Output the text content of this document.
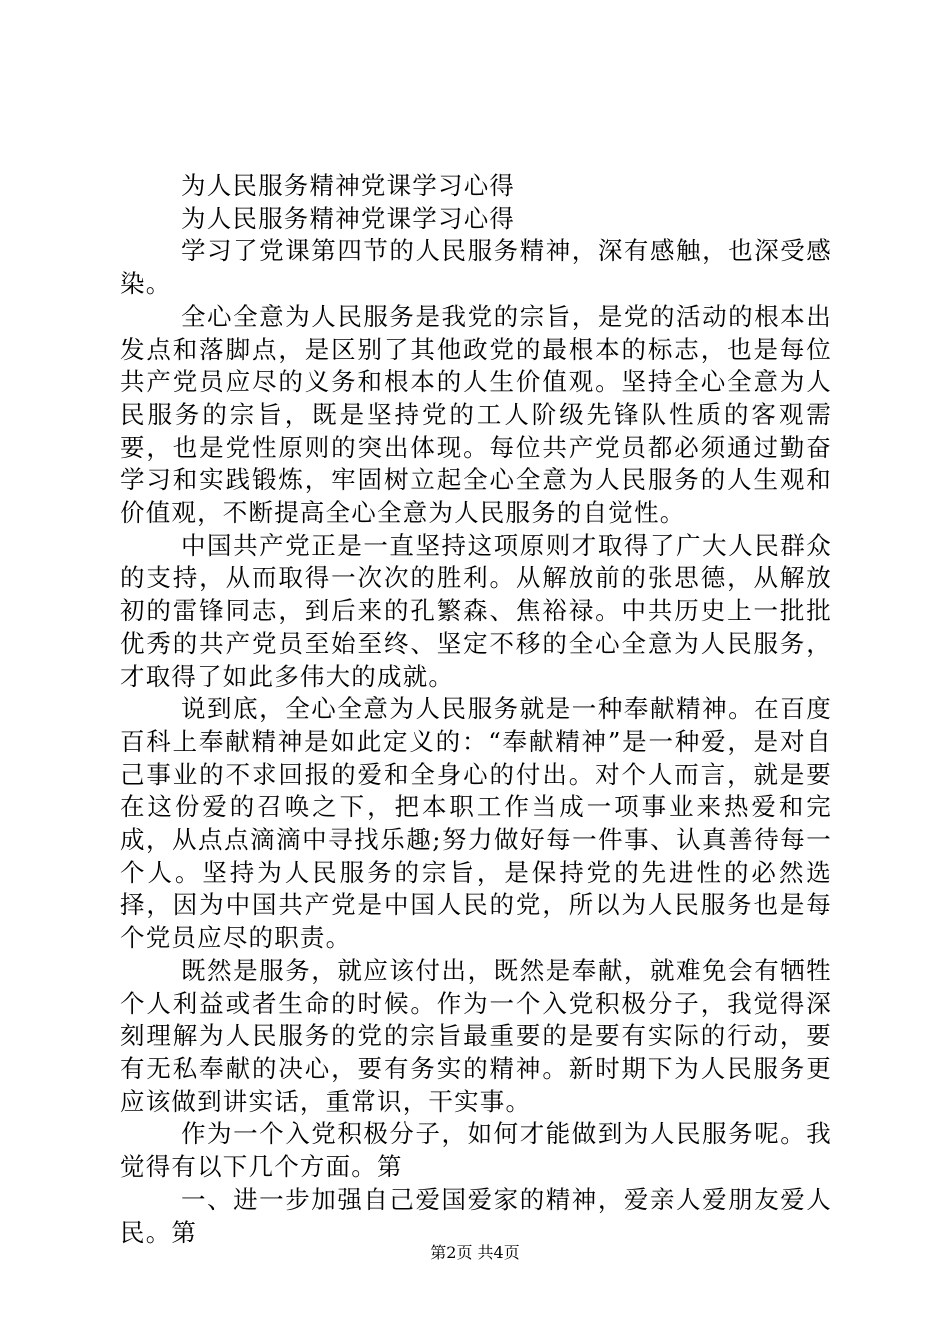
为人民服务精神党课学习心得
为人民服务精神党课学习心得

学习了党课第四节的人民服务精神，深有感触，也深受感染。

全心全意为人民服务是我党的宗旨，是党的活动的根本出发点和落脚点，是区别了其他政党的最根本的标志，也是每位共产党员应尽的义务和根本的人生价值观。坚持全心全意为人民服务的宗旨，既是坚持党的工人阶级先锋队性质的客观需要，也是党性原则的突出体现。每位共产党员都必须通过勤奋学习和实践锻炼，牢固树立起全心全意为人民服务的人生观和价值观，不断提高全心全意为人民服务的自觉性。

中国共产党正是一直坚持这项原则才取得了广大人民群众的支持，从而取得一次次的胜利。从解放前的张思德，从解放初的雷锋同志，到后来的孔繁森、焦裕禄。中共历史上一批批优秀的共产党员至始至终、坚定不移的全心全意为人民服务，才取得了如此多伟大的成就。

说到底，全心全意为人民服务就是一种奉献精神。在百度百科上奉献精神是如此定义的：“奉献精神”是一种爱，是对自己事业的不求回报的爱和全身心的付出。对个人而言，就是要在这份爱的召唤之下，把本职工作当成一项事业来热爱和完成，从点点滴滴中寻找乐趣;努力做好每一件事、认真善待每一个人。坚持为人民服务的宗旨，是保持党的先进性的必然选择，因为中国共产党是中国人民的党，所以为人民服务也是每个党员应尽的职责。

既然是服务，就应该付出，既然是奉献，就难免会有牺牲个人利益或者生命的时候。作为一个入党积极分子，我觉得深刻理解为人民服务的党的宗旨最重要的是要有实际的行动，要有无私奉献的决心，要有务实的精神。新时期下为人民服务更应该做到讲实话，重常识，干实事。

作为一个入党积极分子，如何才能做到为人民服务呢。我觉得有以下几个方面。第

一、进一步加强自己爱国爱家的精神，爱亲人爱朋友爱人民。第

第2页 共4页
